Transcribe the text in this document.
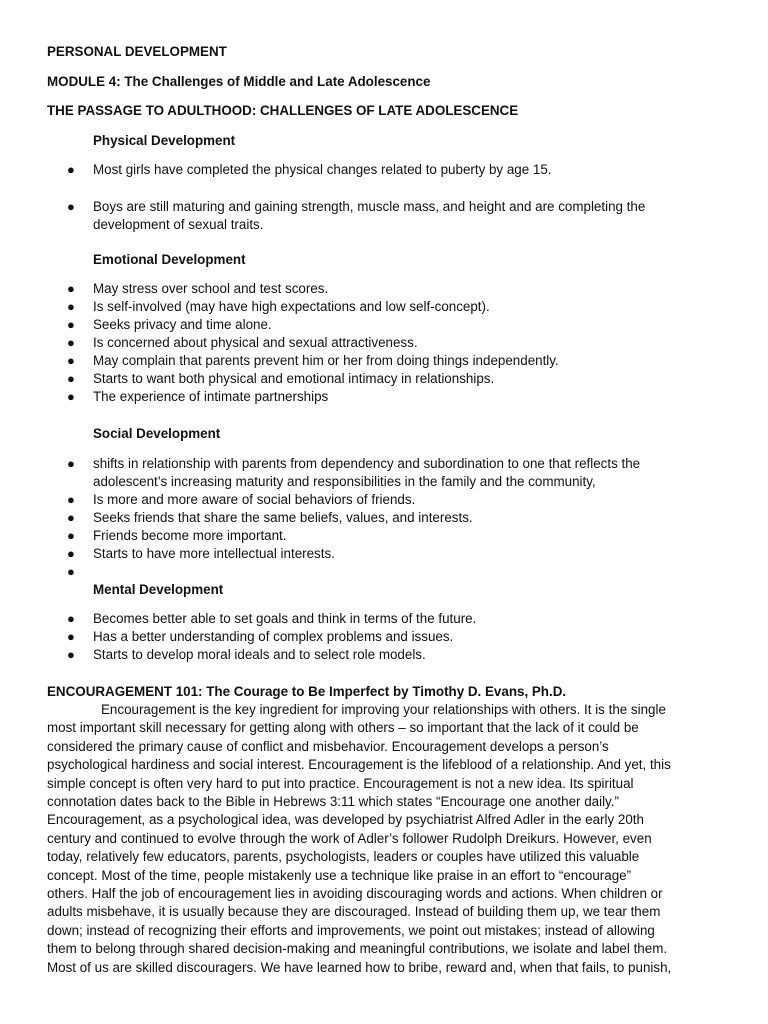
PERSONAL DEVELOPMENT
MODULE 4: The Challenges of Middle and Late Adolescence
THE PASSAGE TO ADULTHOOD: CHALLENGES OF LATE ADOLESCENCE
Physical Development
● Most girls have completed the physical changes related to puberty by age 15.
● Boys are still maturing and gaining strength, muscle mass, and height and are completing the
development of sexual traits.
Emotional Development
● May stress over school and test scores.
● Is self-involved (may have high expectations and low self-concept).
● Seeks privacy and time alone.
● Is concerned about physical and sexual attractiveness.
● May complain that parents prevent him or her from doing things independently.
● Starts to want both physical and emotional intimacy in relationships.
● The experience of intimate partnerships
Social Development
● shifts in relationship with parents from dependency and subordination to one that reflects the
adolescent’s increasing maturity and responsibilities in the family and the community,
● Is more and more aware of social behaviors of friends.
● Seeks friends that share the same beliefs, values, and interests.
● Friends become more important.
● Starts to have more intellectual interests.
●
Mental Development
● Becomes better able to set goals and think in terms of the future.
● Has a better understanding of complex problems and issues.
● Starts to develop moral ideals and to select role models.
ENCOURAGEMENT 101: The Courage to Be Imperfect by Timothy D. Evans, Ph.D.
Encouragement is the key ingredient for improving your relationships with others. It is the single
most important skill necessary for getting along with others – so important that the lack of it could be
considered the primary cause of conflict and misbehavior. Encouragement develops a person’s
psychological hardiness and social interest. Encouragement is the lifeblood of a relationship. And yet, this
simple concept is often very hard to put into practice. Encouragement is not a new idea. Its spiritual
connotation dates back to the Bible in Hebrews 3:11 which states “Encourage one another daily.”
Encouragement, as a psychological idea, was developed by psychiatrist Alfred Adler in the early 20th
century and continued to evolve through the work of Adler’s follower Rudolph Dreikurs. However, even
today, relatively few educators, parents, psychologists, leaders or couples have utilized this valuable
concept. Most of the time, people mistakenly use a technique like praise in an effort to “encourage”
others. Half the job of encouragement lies in avoiding discouraging words and actions. When children or
adults misbehave, it is usually because they are discouraged. Instead of building them up, we tear them
down; instead of recognizing their efforts and improvements, we point out mistakes; instead of allowing
them to belong through shared decision-making and meaningful contributions, we isolate and label them.
Most of us are skilled discouragers. We have learned how to bribe, reward and, when that fails, to punish,
